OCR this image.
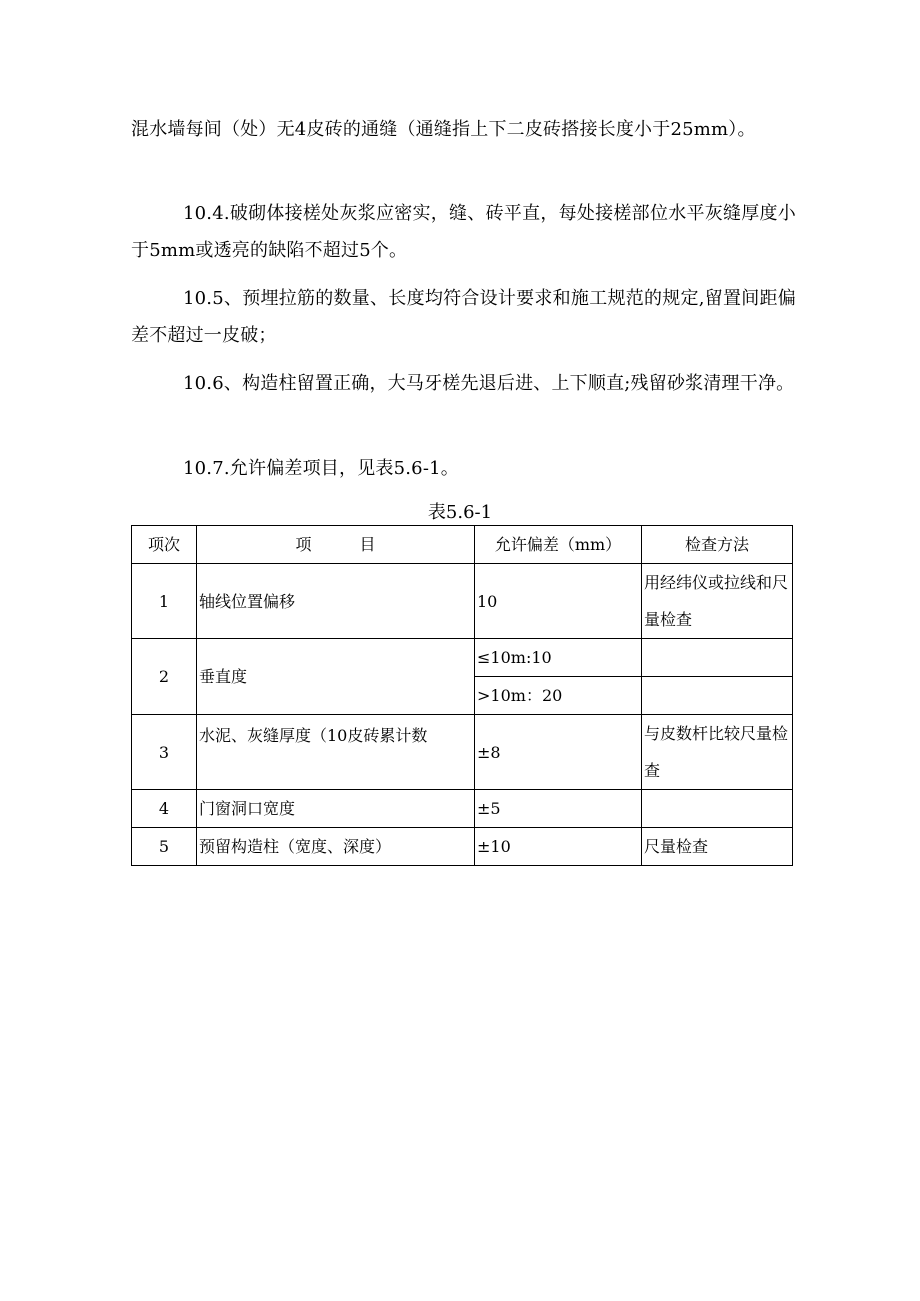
混水墙每间（处）无4皮砖的通缝（通缝指上下二皮砖搭接长度小于25mm）。

10.4.破砌体接槎处灰浆应密实，缝、砖平直，每处接槎部位水平灰缝厚度小于5mm或透亮的缺陷不超过5个。

10.5、预埋拉筋的数量、长度均符合设计要求和施工规范的规定,留置间距偏差不超过一皮破；

10.6、构造柱留置正确，大马牙槎先退后进、上下顺直;残留砂浆清理干净。

10.7.允许偏差项目，见表5.6-1。

表5.6-1
项次	项　　　目	允许偏差（mm）	检查方法
1	轴线位置偏移	10	用经纬仪或拉线和尺量检查
2	垂直度	≤10m:10	
		>10m：20	
3	水泥、灰缝厚度（10皮砖累计数	±8	与皮数杆比较尺量检查
4	门窗洞口宽度	±5	
5	预留构造柱（宽度、深度）	±10	尺量检查
